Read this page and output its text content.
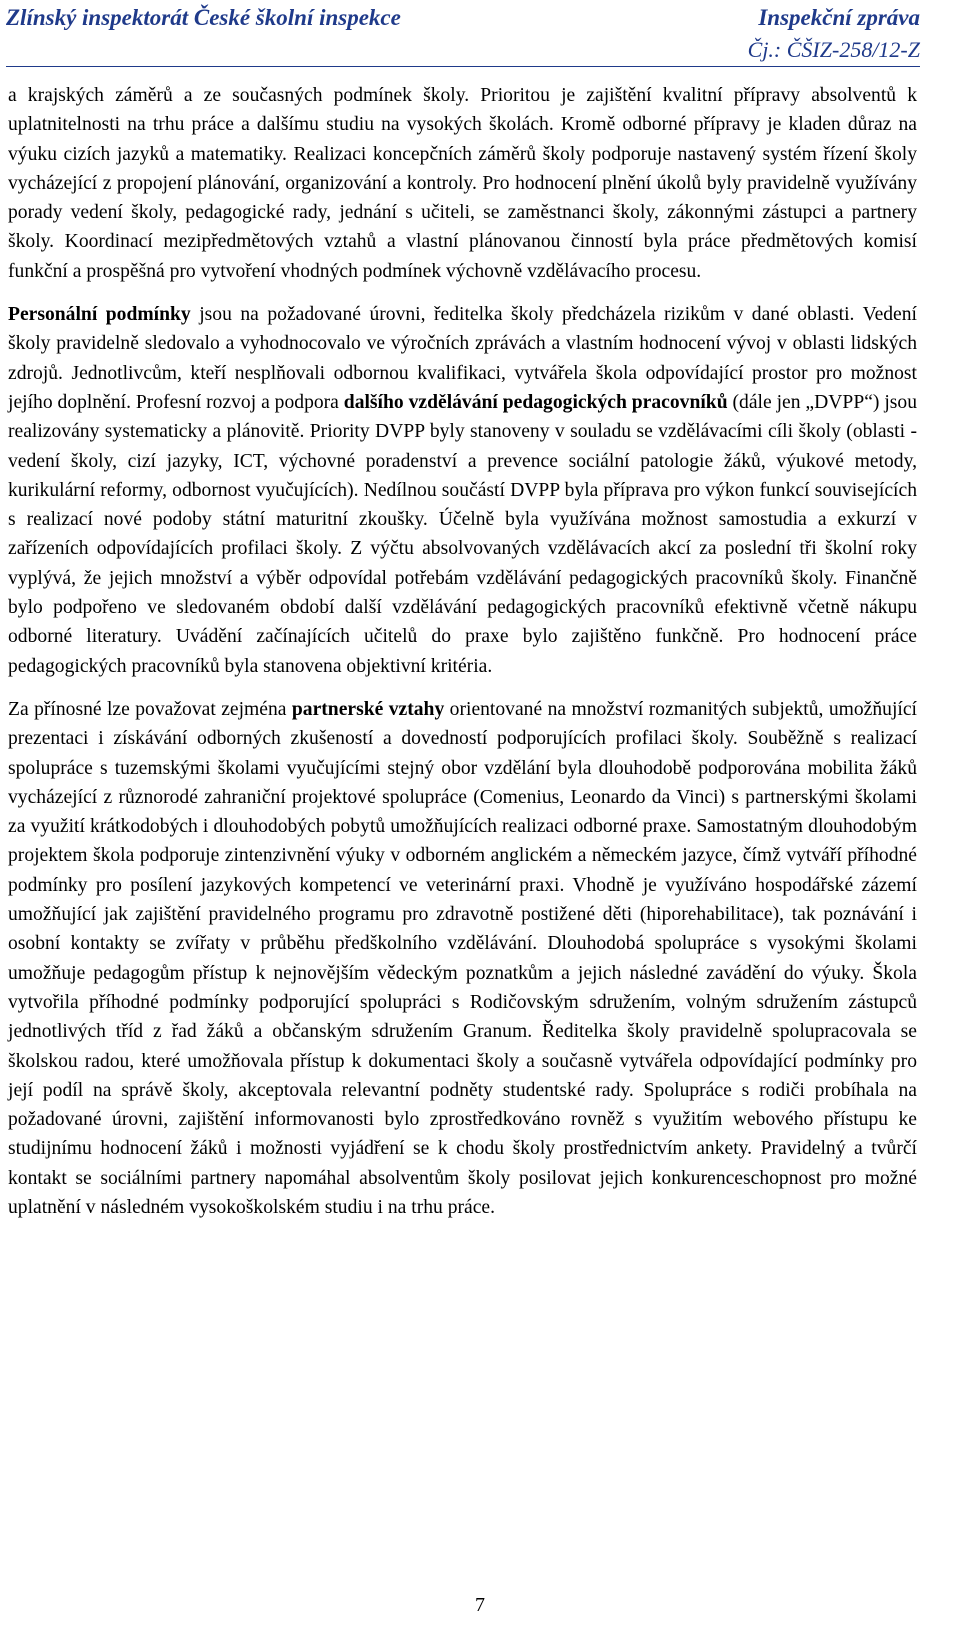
Zlínský inspektorát České školní inspekce	Inspekční zpráva
Čj.: ČŠIZ-258/12-Z

a krajských záměrů a ze současných podmínek školy. Prioritou je zajištění kvalitní přípravy absolventů k uplatnitelnosti na trhu práce a dalšímu studiu na vysokých školách. Kromě odborné přípravy je kladen důraz na výuku cizích jazyků a matematiky. Realizaci koncepčních záměrů školy podporuje nastavený systém řízení školy vycházející z propojení plánování, organizování a kontroly. Pro hodnocení plnění úkolů byly pravidelně využívány porady vedení školy, pedagogické rady, jednání s učiteli, se zaměstnanci školy, zákonnými zástupci a partnery školy. Koordinací mezipředmětových vztahů a vlastní plánovanou činností byla práce předmětových komisí funkční a prospěšná pro vytvoření vhodných podmínek výchovně vzdělávacího procesu.

Personální podmínky jsou na požadované úrovni, ředitelka školy předcházela rizikům v dané oblasti. Vedení školy pravidelně sledovalo a vyhodnocovalo ve výročních zprávách a vlastním hodnocení vývoj v oblasti lidských zdrojů. Jednotlivcům, kteří nesplňovali odbornou kvalifikaci, vytvářela škola odpovídající prostor pro možnost jejího doplnění. Profesní rozvoj a podpora dalšího vzdělávání pedagogických pracovníků (dále jen „DVPP“) jsou realizovány systematicky a plánovitě. Priority DVPP byly stanoveny v souladu se vzdělávacími cíli školy (oblasti - vedení školy, cizí jazyky, ICT, výchovné poradenství a prevence sociální patologie žáků, výukové metody, kurikulární reformy, odbornost vyučujících). Nedílnou součástí DVPP byla příprava pro výkon funkcí souvisejících s realizací nové podoby státní maturitní zkoušky. Účelně byla využívána možnost samostudia a exkurzí v zařízeních odpovídajících profilaci školy. Z výčtu absolvovaných vzdělávacích akcí za poslední tři školní roky vyplývá, že jejich množství a výběr odpovídal potřebám vzdělávání pedagogických pracovníků školy. Finančně bylo podpořeno ve sledovaném období další vzdělávání pedagogických pracovníků efektivně včetně nákupu odborné literatury. Uvádění začínajících učitelů do praxe bylo zajištěno funkčně. Pro hodnocení práce pedagogických pracovníků byla stanovena objektivní kritéria.

Za přínosné lze považovat zejména partnerské vztahy orientované na množství rozmanitých subjektů, umožňující prezentaci i získávání odborných zkušeností a dovedností podporujících profilaci školy. Souběžně s realizací spolupráce s tuzemskými školami vyučujícími stejný obor vzdělání byla dlouhodobě podporována mobilita žáků vycházející z různorodé zahraniční projektové spolupráce (Comenius, Leonardo da Vinci) s partnerskými školami za využití krátkodobých i dlouhodobých pobytů umožňujících realizaci odborné praxe. Samostatným dlouhodobým projektem škola podporuje zintenzivnění výuky v odborném anglickém a německém jazyce, čímž vytváří příhodné podmínky pro posílení jazykových kompetencí ve veterinární praxi. Vhodně je využíváno hospodářské zázemí umožňující jak zajištění pravidelného programu pro zdravotně postižené děti (hiporehabilitace), tak poznávání i osobní kontakty se zvířaty v průběhu předškolního vzdělávání. Dlouhodobá spolupráce s vysokými školami umožňuje pedagogům přístup k nejnovějším vědeckým poznatkům a jejich následné zavádění do výuky. Škola vytvořila příhodné podmínky podporující spolupráci s Rodičovským sdružením, volným sdružením zástupců jednotlivých tříd z řad žáků a občanským sdružením Granum. Ředitelka školy pravidelně spolupracovala se školskou radou, které umožňovala přístup k dokumentaci školy a současně vytvářela odpovídající podmínky pro její podíl na správě školy, akceptovala relevantní podněty studentské rady. Spolupráce s rodiči probíhala na požadované úrovni, zajištění informovanosti bylo zprostředkováno rovněž s využitím webového přístupu ke studijnímu hodnocení žáků i možnosti vyjádření se k chodu školy prostřednictvím ankety. Pravidelný a tvůrčí kontakt se sociálními partnery napomáhal absolventům školy posilovat jejich konkurenceschopnost pro možné uplatnění v následném vysokoškolském studiu i na trhu práce.

7
